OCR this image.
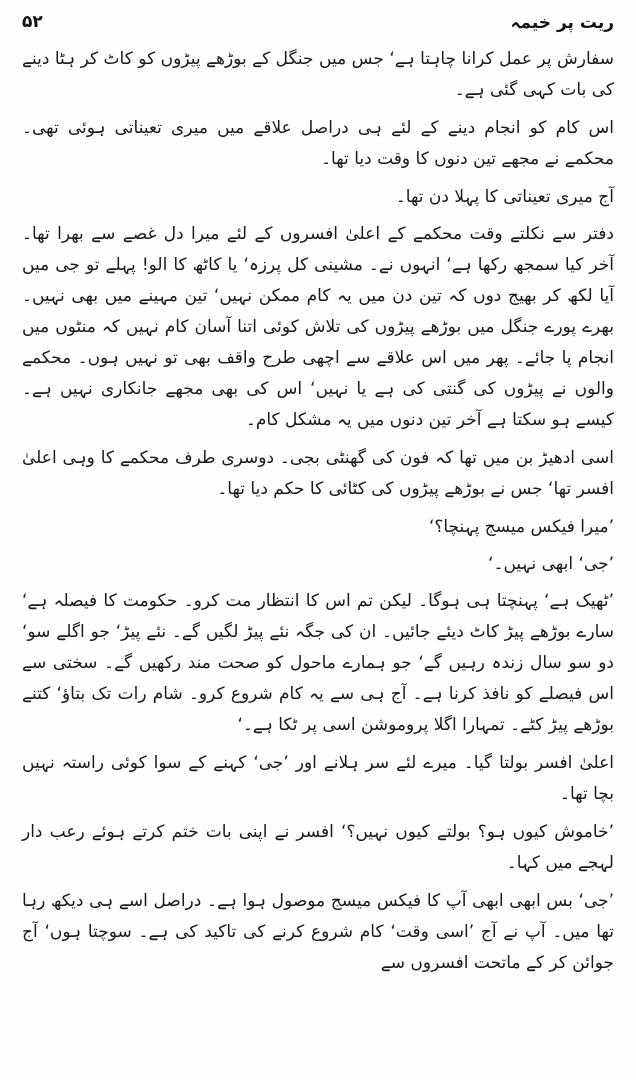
ریت پر خیمہ
۵۲

سفارش پر عمل کرانا چاہتا ہے‘ جس میں جنگل کے بوڑھے پیڑوں کو کاٹ کر ہٹا دینے کی بات کہی گئی ہے۔

اس کام کو انجام دینے کے لئے ہی دراصل علاقے میں میری تعیناتی ہوئی تھی۔ محکمے نے مجھے تین دنوں کا وقت دیا تھا۔

آج میری تعیناتی کا پہلا دن تھا۔

دفتر سے نکلتے وقت محکمے کے اعلیٰ افسروں کے لئے میرا دل غصے سے بھرا تھا۔ آخر کیا سمجھ رکھا ہے‘ انہوں نے۔ مشینی کل پرزہ‘ یا کاٹھ کا الو! پہلے تو جی میں آیا لکھ کر بھیج دوں کہ تین دن میں یہ کام ممکن نہیں‘ تین مہینے میں بھی نہیں۔ بھرے پورے جنگل میں بوڑھے پیڑوں کی تلاش کوئی اتنا آسان کام نہیں کہ منٹوں میں انجام پا جائے۔ پھر میں اس علاقے سے اچھی طرح واقف بھی تو نہیں ہوں۔ محکمے والوں نے پیڑوں کی گنتی کی ہے یا نہیں‘ اس کی بھی مجھے جانکاری نہیں ہے۔ کیسے ہو سکتا ہے آخر تین دنوں میں یہ مشکل کام۔

اسی ادھیڑ بن میں تھا کہ فون کی گھنٹی بجی۔ دوسری طرف محکمے کا وہی اعلیٰ افسر تھا‘ جس نے بوڑھے پیڑوں کی کٹائی کا حکم دیا تھا۔

’میرا فیکس میسج پہنچا؟‘

’جی‘ ابھی نہیں۔‘

’ٹھیک ہے‘ پہنچتا ہی ہوگا۔ لیکن تم اس کا انتظار مت کرو۔ حکومت کا فیصلہ ہے‘ سارے بوڑھے پیڑ کاٹ دیئے جائیں۔ ان کی جگہ نئے پیڑ لگیں گے۔ نئے پیڑ‘ جو اگلے سو‘ دو سو سال زندہ رہیں گے‘ جو ہمارے ماحول کو صحت مند رکھیں گے۔ سختی سے اس فیصلے کو نافذ کرنا ہے۔ آج ہی سے یہ کام شروع کرو۔ شام رات تک بتاؤ‘ کتنے بوڑھے پیڑ کٹے۔ تمہارا اگلا پروموشن اسی پر ٹکا ہے۔‘

اعلیٰ افسر بولتا گیا۔ میرے لئے سر ہلانے اور ’جی‘ کہنے کے سوا کوئی راستہ نہیں بچا تھا۔

’خاموش کیوں ہو؟ بولتے کیوں نہیں؟‘ افسر نے اپنی بات ختم کرتے ہوئے رعب دار لہجے میں کہا۔

’جی‘ بس ابھی ابھی آپ کا فیکس میسج موصول ہوا ہے۔ دراصل اسے ہی دیکھ رہا تھا میں۔ آپ نے آج ’اسی وقت‘ کام شروع کرنے کی تاکید کی ہے۔ سوچتا ہوں‘ آج جوائن کر کے ماتحت افسروں سے
